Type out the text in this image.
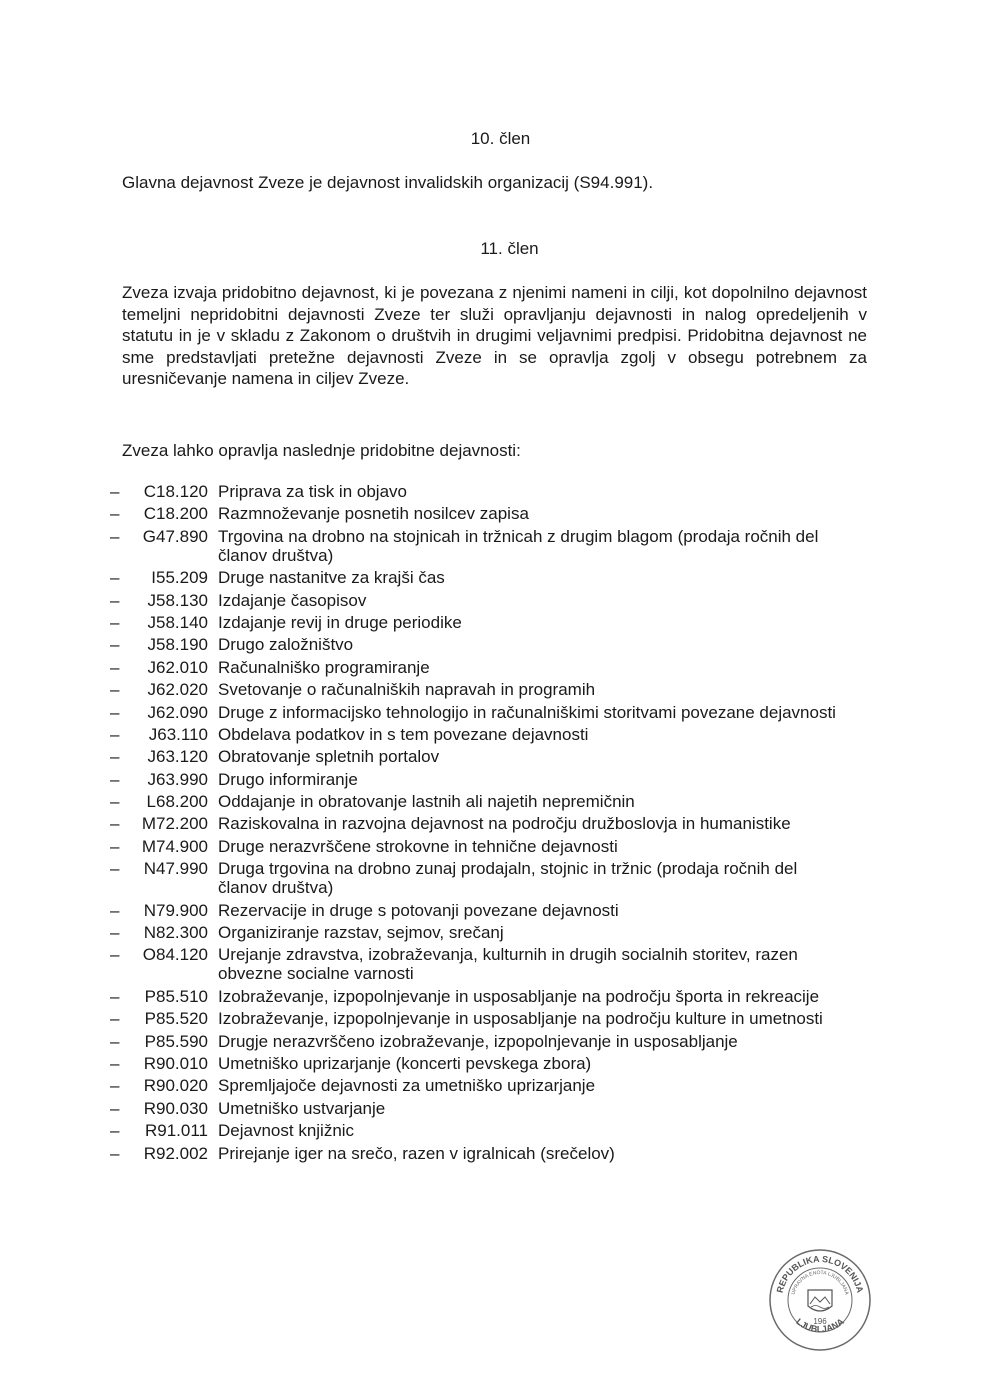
10. člen
Glavna dejavnost Zveze je dejavnost invalidskih organizacij (S94.991).
11. člen
Zveza izvaja pridobitno dejavnost, ki je povezana z njenimi nameni in cilji, kot dopolnilno dejavnost temeljni nepridobitni dejavnosti Zveze ter služi opravljanju dejavnosti in nalog opredeljenih v statutu in je v skladu z Zakonom o društvih in drugimi veljavnimi predpisi. Pridobitna dejavnost ne sme predstavljati pretežne dejavnosti Zveze in se opravlja zgolj v obsegu potrebnem za uresničevanje namena in ciljev Zveze.
Zveza lahko opravlja naslednje pridobitne dejavnosti:
–	C18.120 Priprava za tisk in objavo
–	C18.200 Razmnoževanje posnetih nosilcev zapisa
–	G47.890 Trgovina na drobno na stojnicah in tržnicah z drugim blagom (prodaja ročnih del članov društva)
–	I55.209 Druge nastanitve za krajši čas
–	J58.130 Izdajanje časopisov
–	J58.140 Izdajanje revij in druge periodike
–	J58.190 Drugo založništvo
–	J62.010 Računalniško programiranje
–	J62.020 Svetovanje o računalniških napravah in programih
–	J62.090 Druge z informacijsko tehnologijo in računalniškimi storitvami povezane dejavnosti
–	J63.110 Obdelava podatkov in s tem povezane dejavnosti
–	J63.120 Obratovanje spletnih portalov
–	J63.990 Drugo informiranje
–	L68.200 Oddajanje in obratovanje lastnih ali najetih nepremičnin
–	M72.200 Raziskovalna in razvojna dejavnost na področju družboslovja in humanistike
–	M74.900 Druge nerazvrščene strokovne in tehnične dejavnosti
–	N47.990 Druga trgovina na drobno zunaj prodajaln, stojnic in tržnic (prodaja ročnih del članov društva)
–	N79.900 Rezervacije in druge s potovanji povezane dejavnosti
–	N82.300 Organiziranje razstav, sejmov, srečanj
–	O84.120 Urejanje zdravstva, izobraževanja, kulturnih in drugih socialnih storitev, razen obvezne socialne varnosti
–	P85.510 Izobraževanje, izpopolnjevanje in usposabljanje na področju športa in rekreacije
–	P85.520 Izobraževanje, izpopolnjevanje in usposabljanje na področju kulture in umetnosti
–	P85.590 Drugje nerazvrščeno izobraževanje, izpopolnjevanje in usposabljanje
–	R90.010 Umetniško uprizarjanje (koncerti pevskega zbora)
–	R90.020 Spremljajoče dejavnosti za umetniško uprizarjanje
–	R90.030 Umetniško ustvarjanje
–	R91.011 Dejavnost knjižnic
–	R92.002 Prirejanje iger na srečo, razen v igralnicah (srečelov)
REPUBLIKA SLOVENIJA
UPRAVNA ENOTA LJUBLJANA
196
LJUBLJANA
